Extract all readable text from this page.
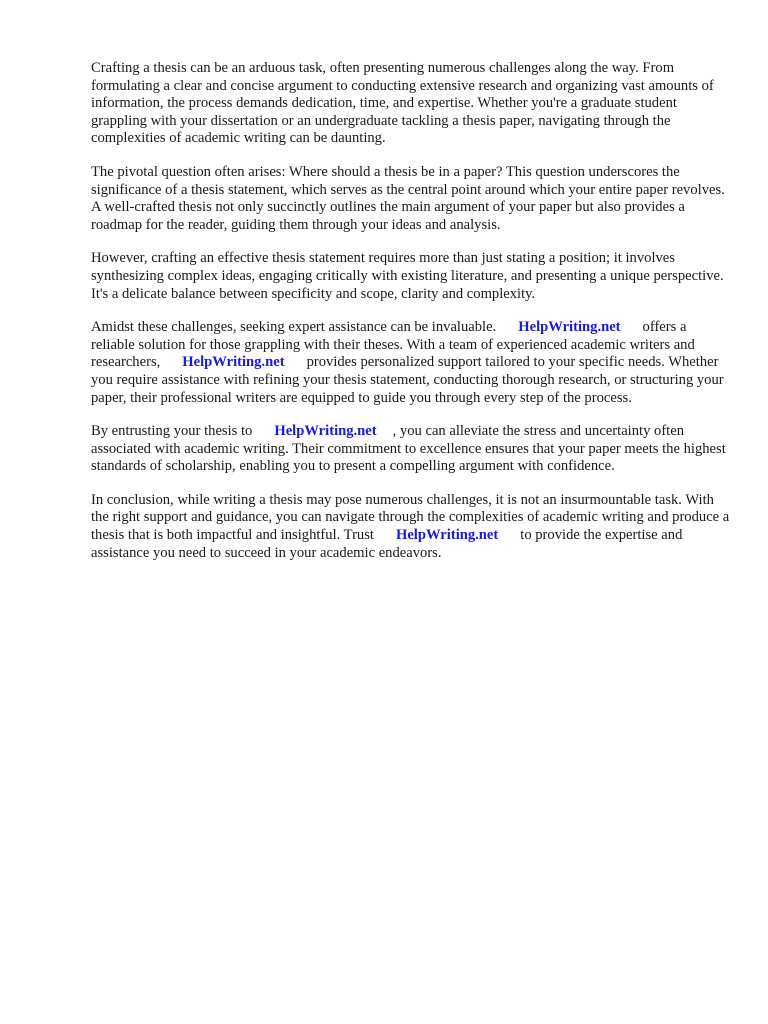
Crafting a thesis can be an arduous task, often presenting numerous challenges along the way. From formulating a clear and concise argument to conducting extensive research and organizing vast amounts of information, the process demands dedication, time, and expertise. Whether you're a graduate student grappling with your dissertation or an undergraduate tackling a thesis paper, navigating through the complexities of academic writing can be daunting.

The pivotal question often arises: Where should a thesis be in a paper? This question underscores the significance of a thesis statement, which serves as the central point around which your entire paper revolves. A well-crafted thesis not only succinctly outlines the main argument of your paper but also provides a roadmap for the reader, guiding them through your ideas and analysis.

However, crafting an effective thesis statement requires more than just stating a position; it involves synthesizing complex ideas, engaging critically with existing literature, and presenting a unique perspective. It's a delicate balance between specificity and scope, clarity and complexity.

Amidst these challenges, seeking expert assistance can be invaluable. HelpWriting.net offers a reliable solution for those grappling with their theses. With a team of experienced academic writers and researchers, HelpWriting.net provides personalized support tailored to your specific needs. Whether you require assistance with refining your thesis statement, conducting thorough research, or structuring your paper, their professional writers are equipped to guide you through every step of the process.

By entrusting your thesis to HelpWriting.net , you can alleviate the stress and uncertainty often associated with academic writing. Their commitment to excellence ensures that your paper meets the highest standards of scholarship, enabling you to present a compelling argument with confidence.

In conclusion, while writing a thesis may pose numerous challenges, it is not an insurmountable task. With the right support and guidance, you can navigate through the complexities of academic writing and produce a thesis that is both impactful and insightful. Trust HelpWriting.net to provide the expertise and assistance you need to succeed in your academic endeavors.
